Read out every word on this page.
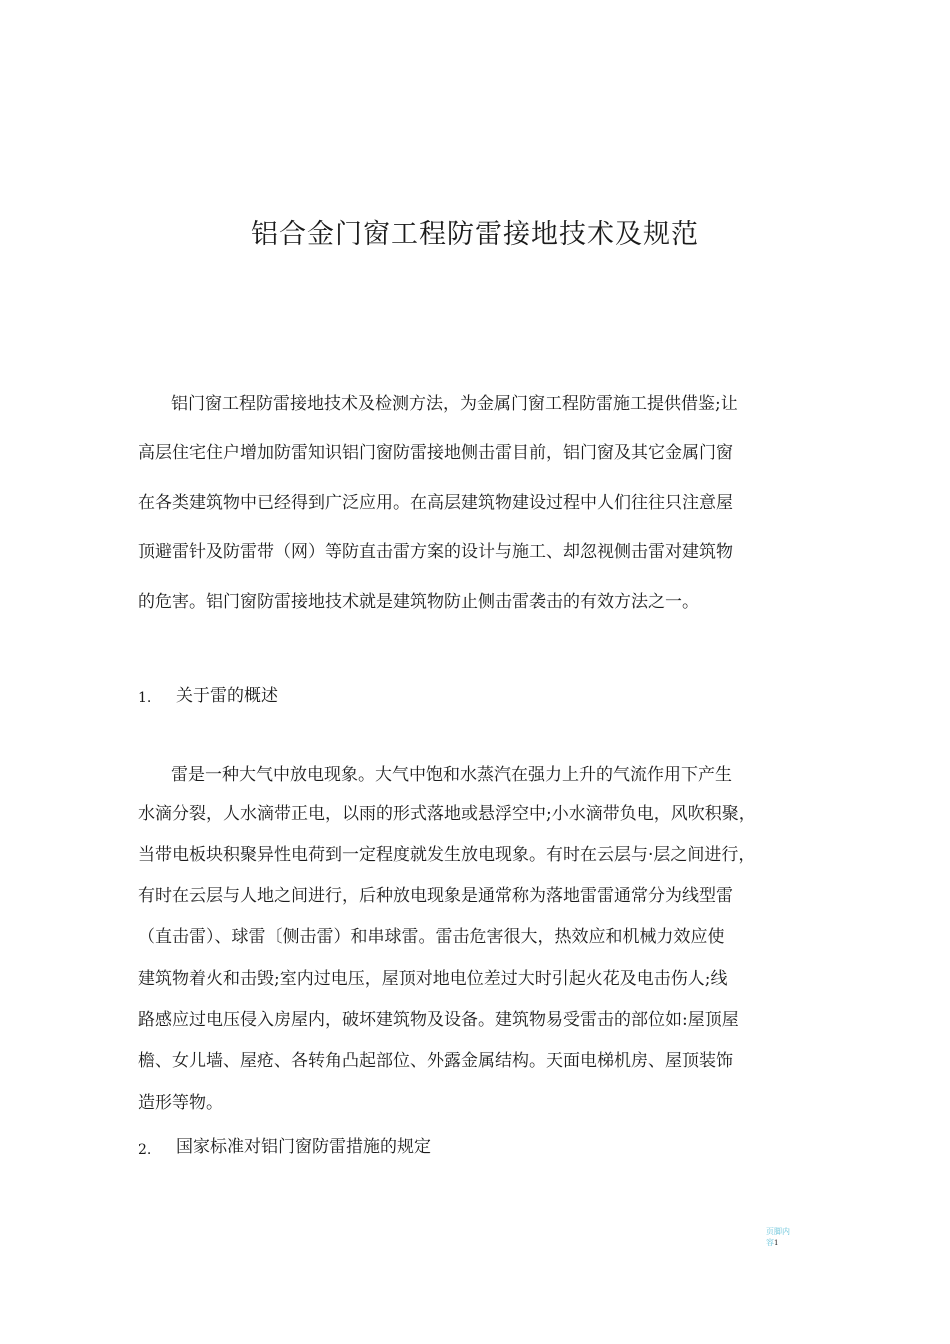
铝合金门窗工程防雷接地技术及规范
铝门窗工程防雷接地技术及检测方法，为金属门窗工程防雷施工提供借鉴;让
高层住宅住户增加防雷知识铝门窗防雷接地侧击雷目前，铝门窗及其它金属门窗
在各类建筑物中已经得到广泛应用。在高层建筑物建设过程中人们往往只注意屋
顶避雷针及防雷带（网）等防直击雷方案的设计与施工、却忽视侧击雷对建筑物
的危害。铝门窗防雷接地技术就是建筑物防止侧击雷袭击的有效方法之一。
1. 关于雷的概述
雷是一种大气中放电现象。大气中饱和水蒸汽在强力上升的气流作用下产生
水滴分裂，人水滴带正电，以雨的形式落地或悬浮空中;小水滴带负电，风吹积聚，
当带电板块积聚异性电荷到一定程度就发生放电现象。有时在云层与·层之间进行，
有时在云层与人地之间进行，后种放电现象是通常称为落地雷雷通常分为线型雷
（直击雷）、球雷〔侧击雷）和串球雷。雷击危害很大，热效应和机械力效应使
建筑物着火和击毁;室内过电压，屋顶对地电位差过大时引起火花及电击伤人;线
路感应过电压侵入房屋内，破坏建筑物及设备。建筑物易受雷击的部位如:屋顶屋
檐、女儿墙、屋疮、各转角凸起部位、外露金属结构。天面电梯机房、屋顶装饰
造形等物。
2. 国家标准对铝门窗防雷措施的规定
页脚内
容1
